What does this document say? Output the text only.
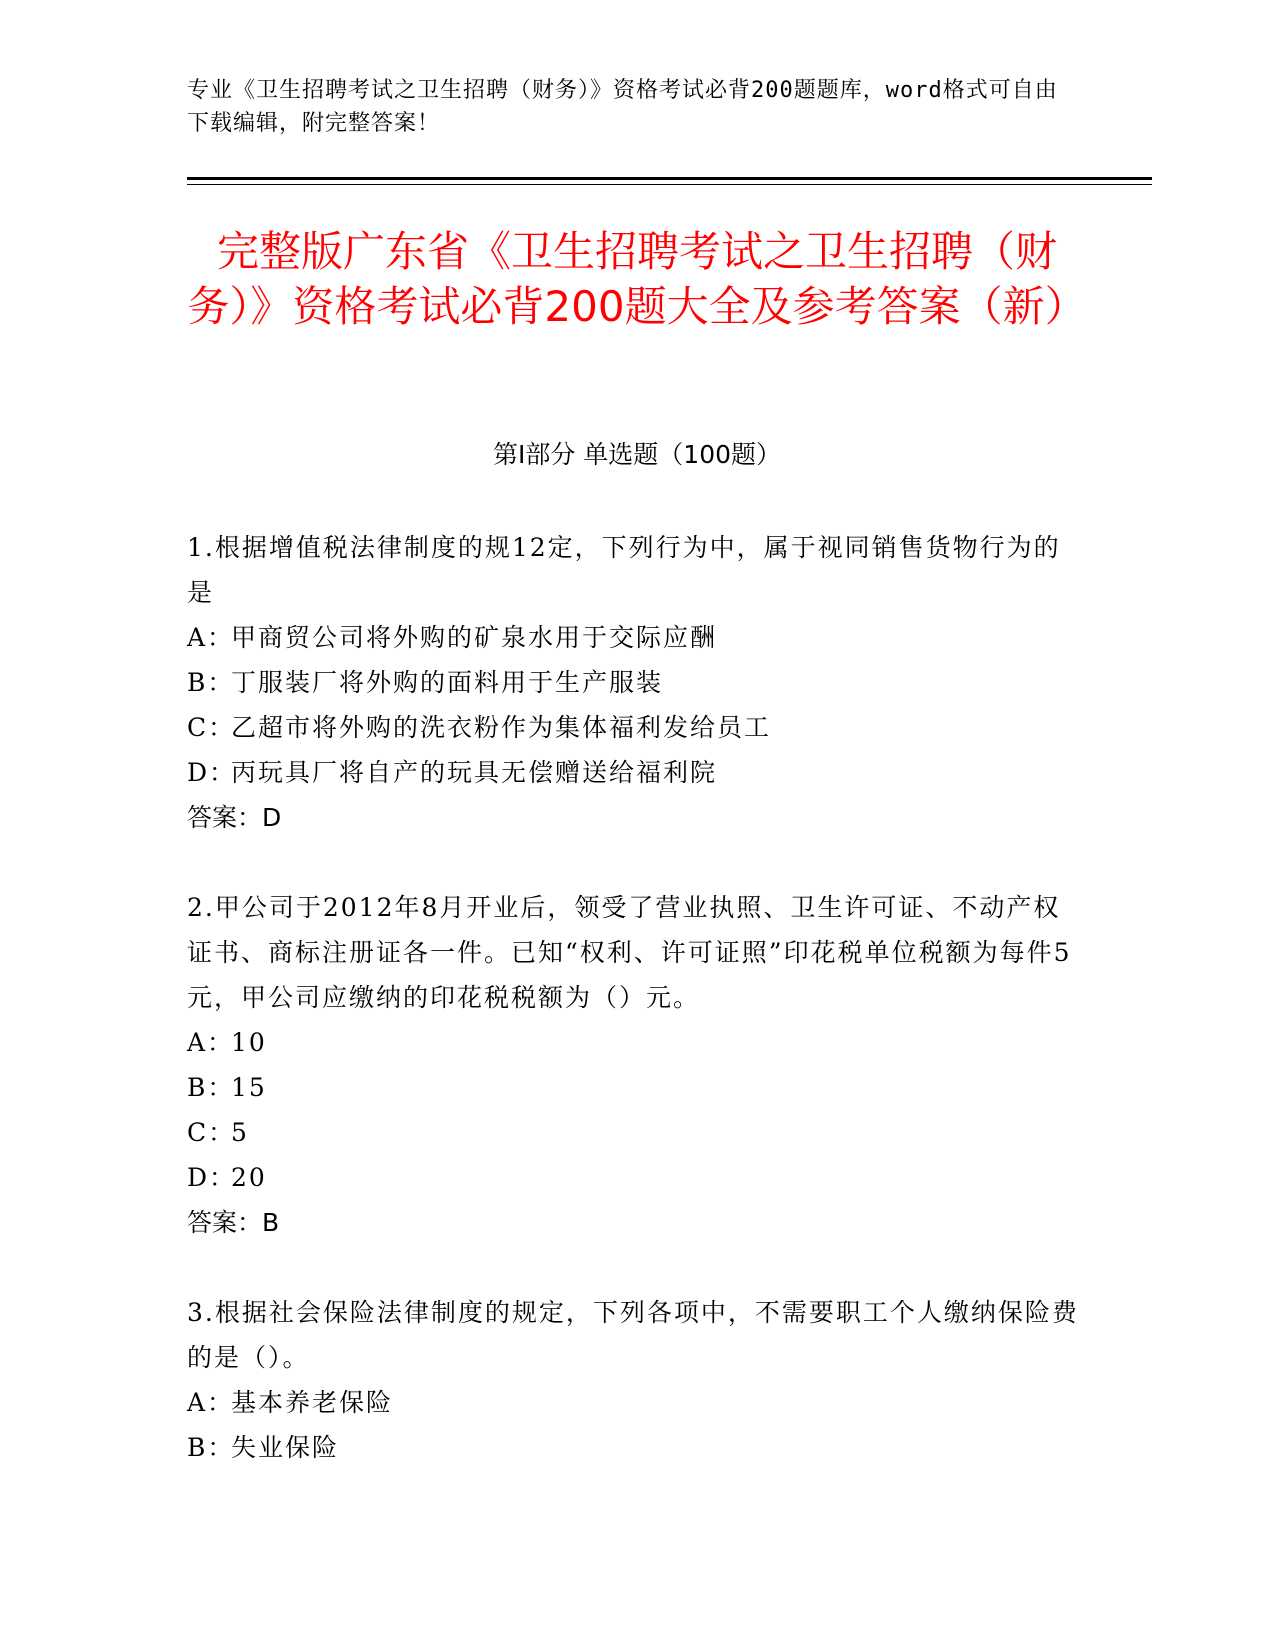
专业《卫生招聘考试之卫生招聘（财务）》资格考试必背200题题库，word格式可自由下载编辑，附完整答案！
完整版广东省《卫生招聘考试之卫生招聘（财务）》资格考试必背200题大全及参考答案（新）
第Ⅰ部分 单选题（100题）
1.根据增值税法律制度的规12定，下列行为中，属于视同销售货物行为的是
A：甲商贸公司将外购的矿泉水用于交际应酬
B：丁服装厂将外购的面料用于生产服装
C：乙超市将外购的洗衣粉作为集体福利发给员工
D：丙玩具厂将自产的玩具无偿赠送给福利院
答案：D
2.甲公司于2012年8月开业后，领受了营业执照、卫生许可证、不动产权证书、商标注册证各一件。已知“权利、许可证照”印花税单位税额为每件5元，甲公司应缴纳的印花税税额为（）元。
A：10
B：15
C：5
D：20
答案：B
3.根据社会保险法律制度的规定，下列各项中，不需要职工个人缴纳保险费的是（）。
A：基本养老保险
B：失业保险
